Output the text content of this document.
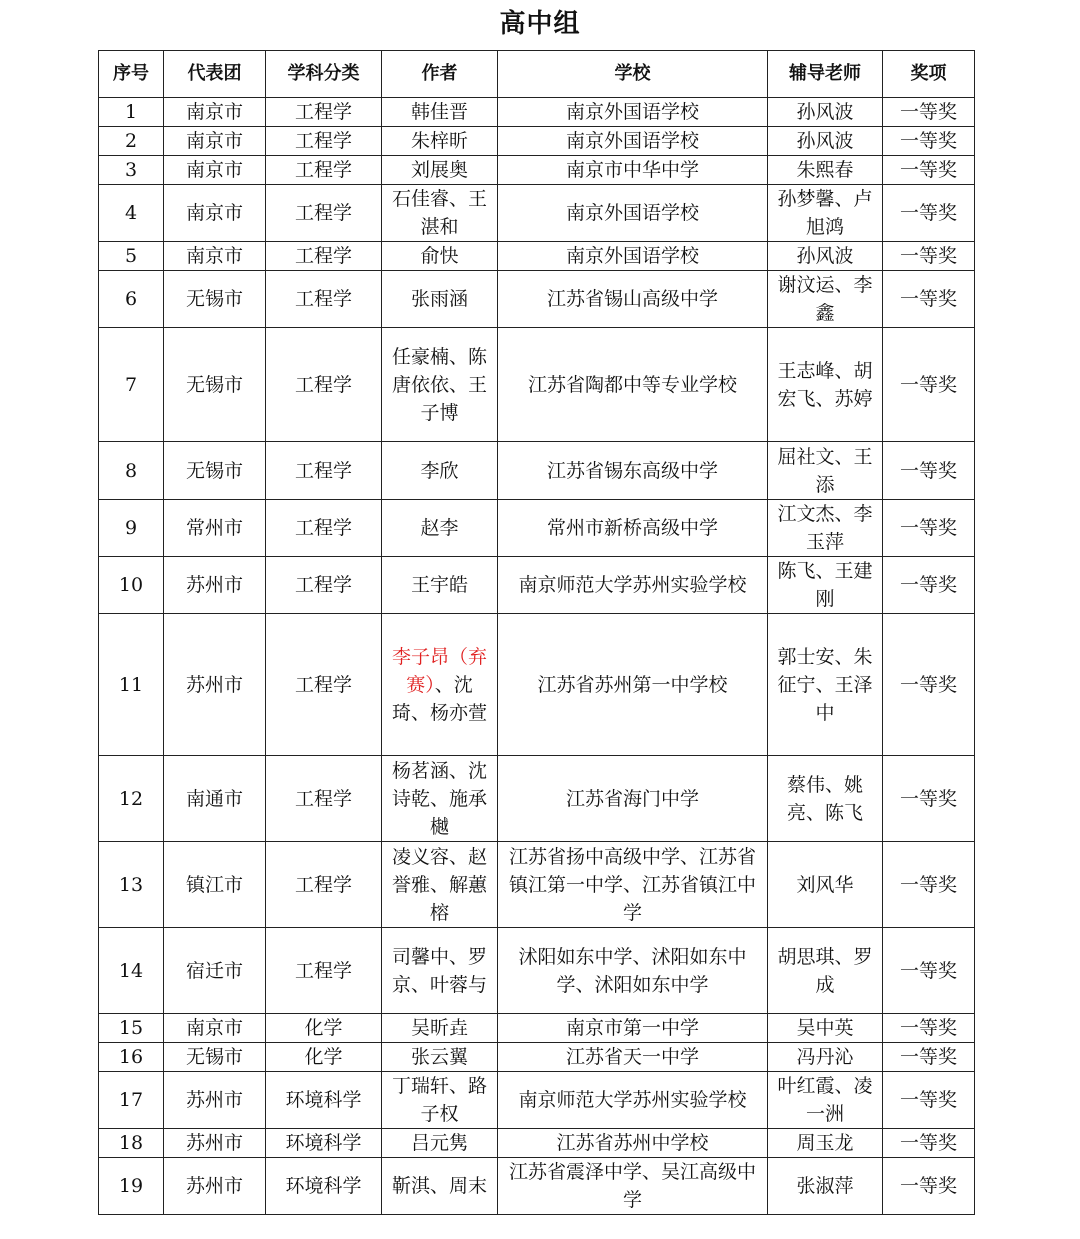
高中组
序号	代表团	学科分类	作者	学校	辅导老师	奖项
1	南京市	工程学	韩佳晋	南京外国语学校	孙风波	一等奖
2	南京市	工程学	朱梓昕	南京外国语学校	孙风波	一等奖
3	南京市	工程学	刘展奥	南京市中华中学	朱熙春	一等奖
4	南京市	工程学	石佳睿、王湛和	南京外国语学校	孙梦馨、卢旭鸿	一等奖
5	南京市	工程学	俞快	南京外国语学校	孙风波	一等奖
6	无锡市	工程学	张雨涵	江苏省锡山高级中学	谢汶运、李鑫	一等奖
7	无锡市	工程学	任豪楠、陈唐依依、王子博	江苏省陶都中等专业学校	王志峰、胡宏飞、苏婷	一等奖
8	无锡市	工程学	李欣	江苏省锡东高级中学	屈社文、王添	一等奖
9	常州市	工程学	赵李	常州市新桥高级中学	江文杰、李玉萍	一等奖
10	苏州市	工程学	王宇皓	南京师范大学苏州实验学校	陈飞、王建刚	一等奖
11	苏州市	工程学	李子昂（弃赛）、沈琦、杨亦萱	江苏省苏州第一中学校	郭士安、朱征宁、王泽中	一等奖
12	南通市	工程学	杨茗涵、沈诗乾、施承樾	江苏省海门中学	蔡伟、姚亮、陈飞	一等奖
13	镇江市	工程学	凌义容、赵誉雅、解蕙榕	江苏省扬中高级中学、江苏省镇江第一中学、江苏省镇江中学	刘风华	一等奖
14	宿迁市	工程学	司馨中、罗京、叶蓉与	沭阳如东中学、沭阳如东中学、沭阳如东中学	胡思琪、罗成	一等奖
15	南京市	化学	吴昕垚	南京市第一中学	吴中英	一等奖
16	无锡市	化学	张云翼	江苏省天一中学	冯丹沁	一等奖
17	苏州市	环境科学	丁瑞轩、路子权	南京师范大学苏州实验学校	叶红霞、凌一洲	一等奖
18	苏州市	环境科学	吕元隽	江苏省苏州中学校	周玉龙	一等奖
19	苏州市	环境科学	靳淇、周末	江苏省震泽中学、吴江高级中学	张淑萍	一等奖
